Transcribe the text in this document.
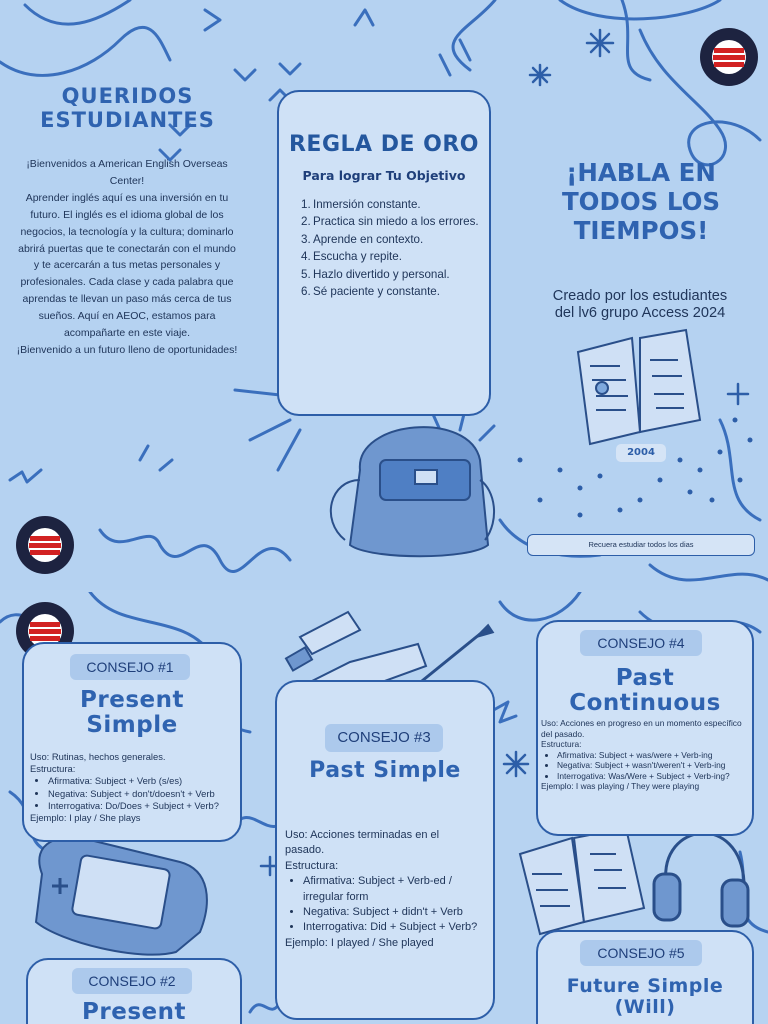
QUERIDOS
ESTUDIANTES

¡Bienvenidos a American English Overseas Center!

Aprender inglés aquí es una inversión en tu futuro. El inglés es el idioma global de los negocios, la tecnología y la cultura; dominarlo abrirá puertas que te conectarán con el mundo y te acercarán a tus metas personales y profesionales. Cada clase y cada palabra que aprendas te llevan un paso más cerca de tus sueños. Aquí en AEOC, estamos para acompañarte en este viaje.

¡Bienvenido a un futuro lleno de oportunidades!

REGLA DE ORO
Para lograr Tu Objetivo
1. Inmersión constante.
2. Practica sin miedo a los errores.
3. Aprende en contexto.
4. Escucha y repite.
5. Hazlo divertido y personal.
6. Sé paciente y constante.
¡HABLA EN
TODOS LOS
TIEMPOS!
Creado por los estudiantes
del lv6 grupo Access 2024
2004
Recuera estudiar todos los dias
CONSEJO #1
Present
Simple

Uso: Rutinas, hechos generales.

Estructura:

• Afirmativa: Subject + Verb (s/es)
• Negativa: Subject + don't/doesn't + Verb
• Interrogativa: Do/Does + Subject + Verb?

Ejemplo: I play / She plays

CONSEJO #2
Present
CONSEJO #3
Past Simple

Uso: Acciones terminadas en el pasado.

Estructura:

• Afirmativa: Subject + Verb-ed / irregular form
• Negativa: Subject + didn't + Verb
• Interrogativa: Did + Subject + Verb?

Ejemplo: I played / She played

CONSEJO #4
Past
Continuous

Uso: Acciones en progreso en un momento específico del pasado.

Estructura:

• Afirmativa: Subject + was/were + Verb-ing
• Negativa: Subject + wasn't/weren't + Verb-ing
• Interrogativa: Was/Were + Subject + Verb-ing?

Ejemplo: I was playing / They were playing

CONSEJO #5
Future Simple
(Will)
